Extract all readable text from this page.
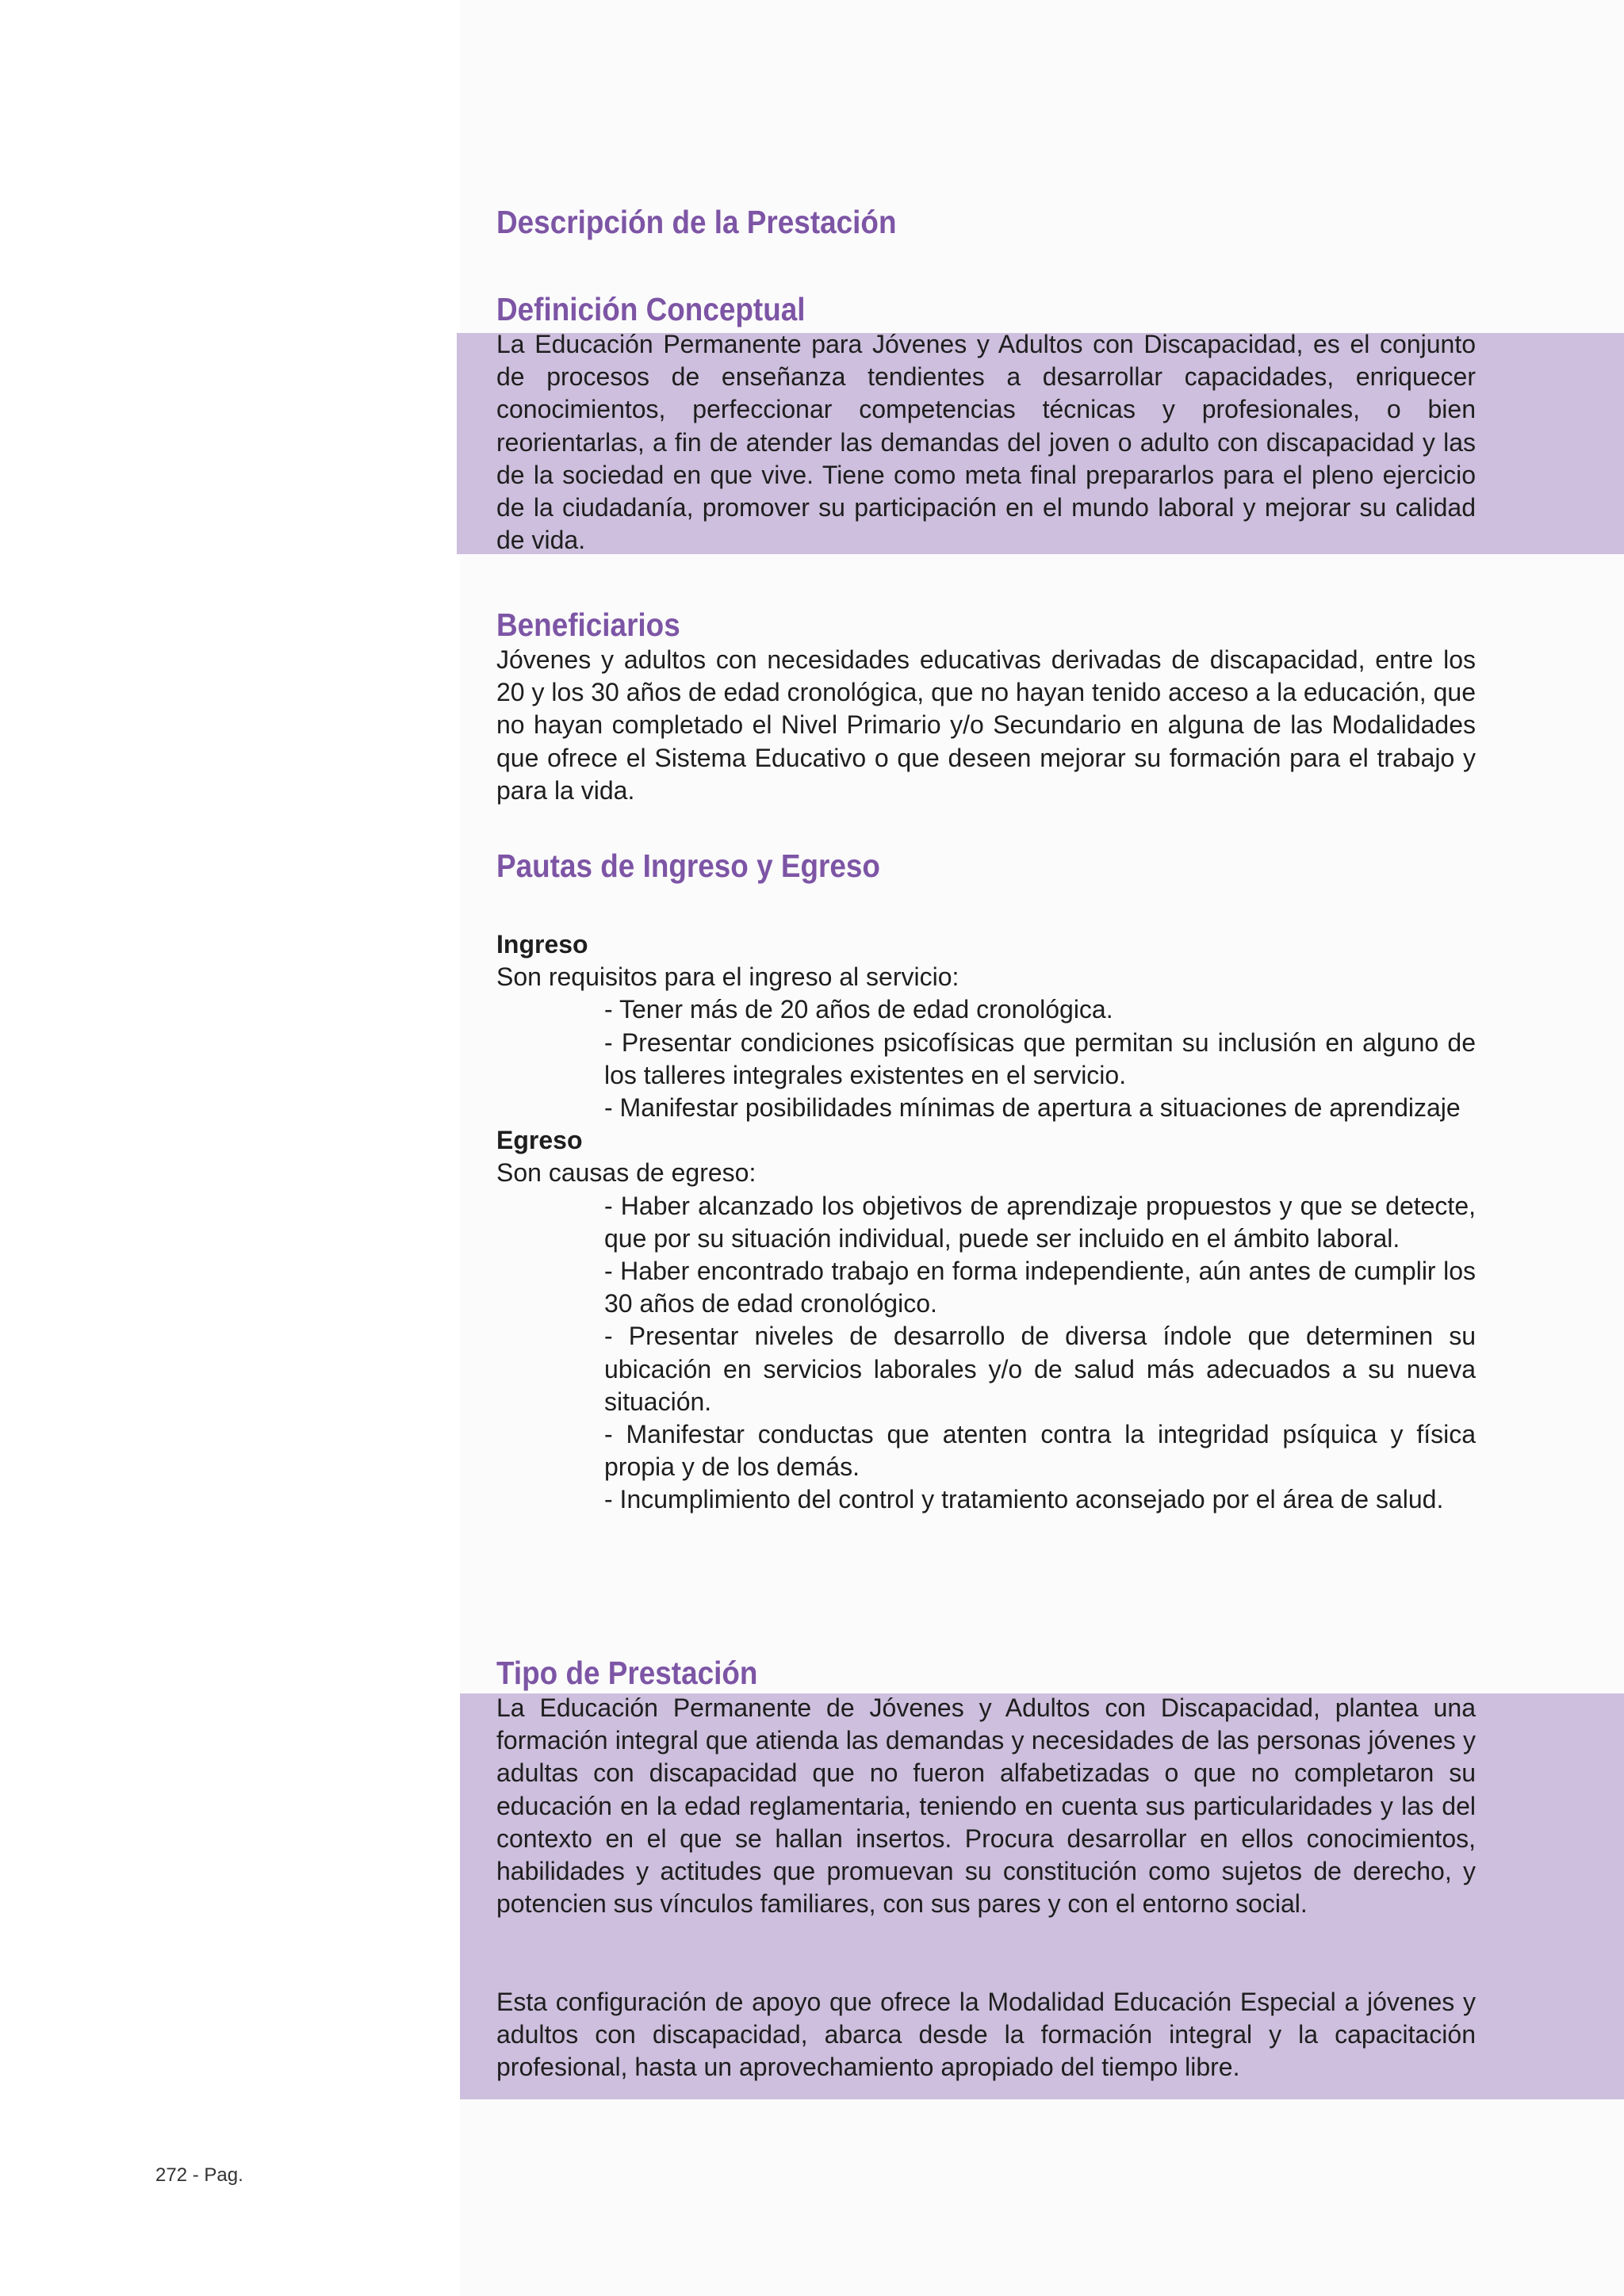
Descripción de la Prestación
Definición Conceptual

La Educación Permanente para Jóvenes y Adultos con Discapacidad, es el conjunto de procesos de enseñanza tendientes a desarrollar capacidades, enriquecer conocimientos, perfeccionar competencias técnicas y profesionales, o bien reorientarlas, a fin de atender las demandas del joven o adulto con discapacidad y las de la sociedad en que vive. Tiene como meta final prepararlos para el pleno ejercicio de la ciudadanía, promover su participación en el mundo laboral y mejorar su calidad de vida.

Beneficiarios

Jóvenes y adultos con necesidades educativas derivadas de discapacidad, entre los 20 y los 30 años de edad cronológica, que no hayan tenido acceso a la educación, que no hayan completado el Nivel Primario y/o Secundario en alguna de las Modalidades que ofrece el Sistema Educativo o que deseen mejorar su formación para el trabajo y para la vida.

Pautas de Ingreso y Egreso

Ingreso

Son requisitos para el ingreso al servicio:

- Tener más de 20 años de edad cronológica.
- Presentar condiciones psicofísicas que permitan su inclusión en alguno de los talleres integrales existentes en el servicio.
- Manifestar posibilidades mínimas de apertura a situaciones de aprendizaje

Egreso

Son causas de egreso:

- Haber alcanzado los objetivos de aprendizaje propuestos y que se detecte, que por su situación individual, puede ser incluido en el ámbito laboral.
- Haber encontrado trabajo en forma independiente, aún antes de cumplir los 30 años de edad cronológico.
- Presentar niveles de desarrollo de diversa índole que determinen su ubicación en servicios laborales y/o de salud más adecuados a su nueva situación.
- Manifestar conductas que atenten contra la integridad psíquica y física propia y de los demás.
- Incumplimiento del control y tratamiento aconsejado por el área de salud.
Tipo de Prestación

La Educación Permanente de Jóvenes y Adultos con Discapacidad, plantea una formación integral que atienda las demandas y necesidades de las personas jóvenes y adultas con discapacidad que no fueron alfabetizadas o que no completaron su educación en la edad reglamentaria, teniendo en cuenta sus particularidades y las del contexto en el que se hallan insertos. Procura desarrollar en ellos conocimientos, habilidades y actitudes que promuevan su constitución como sujetos de derecho, y potencien sus vínculos familiares, con sus pares y con el entorno social.

Esta configuración de apoyo que ofrece la Modalidad Educación Especial a jóvenes y adultos con discapacidad, abarca desde la formación integral y la capacitación profesional, hasta un aprovechamiento apropiado del tiempo libre.

272 - Pag.
